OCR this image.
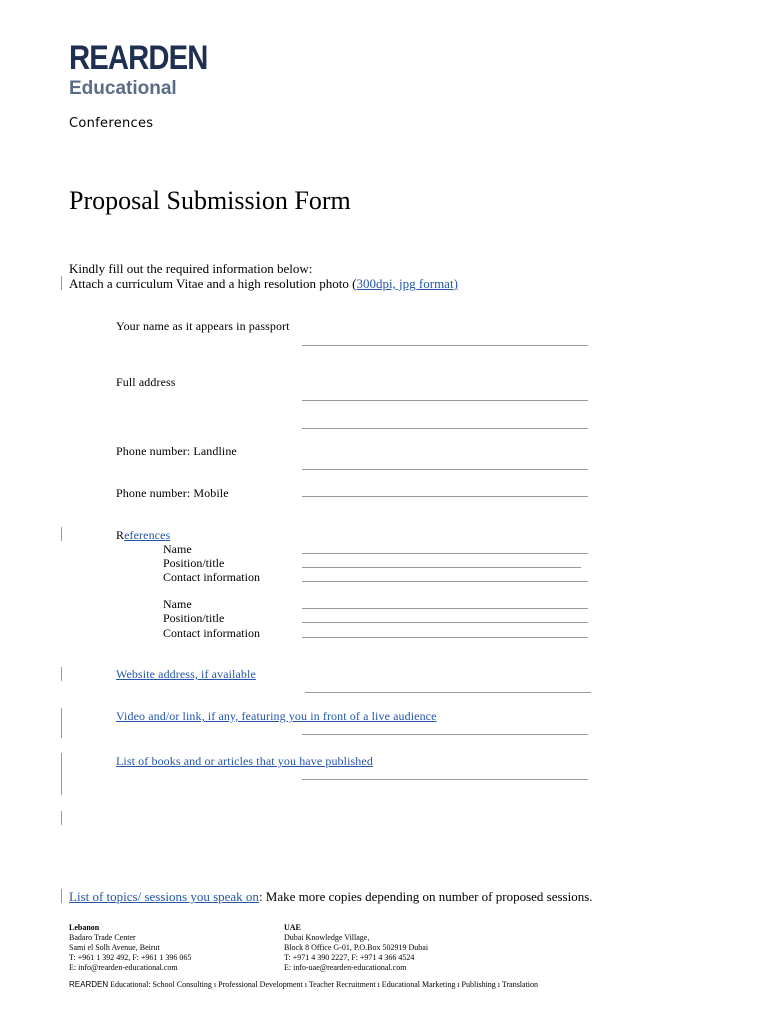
REARDEN
Educational
Conferences
Proposal Submission Form
Kindly fill out the required information below:
Attach a curriculum Vitae and a high resolution photo (300dpi, jpg format)
Your name as it appears in passport
Full address
Phone number: Landline
Phone number: Mobile
References
Name
Position/title
Contact information
Name
Position/title
Contact information
Website address, if available
Video and/or link, if any, featuring you in front of a live audience
List of books and or articles that you have published
List of topics/ sessions you speak on: Make more copies depending on number of proposed sessions.
Lebanon
Badaro Trade Center
Sami el Solh Avenue, Beirut
T: +961 1 392 492, F: +961 1 396 065
E: info@rearden-educational.com
UAE
Dubai Knowledge Village,
Block 8 Office G-01, P.O.Box 502919 Dubai
T: +971 4 390 2227, F: +971 4 366 4524
E: info-uae@rearden-educational.com
REARDEN Educational: School Consulting ı Professional Development ı Teacher Recruitment ı Educational Marketing ı Publishing ı Translation
